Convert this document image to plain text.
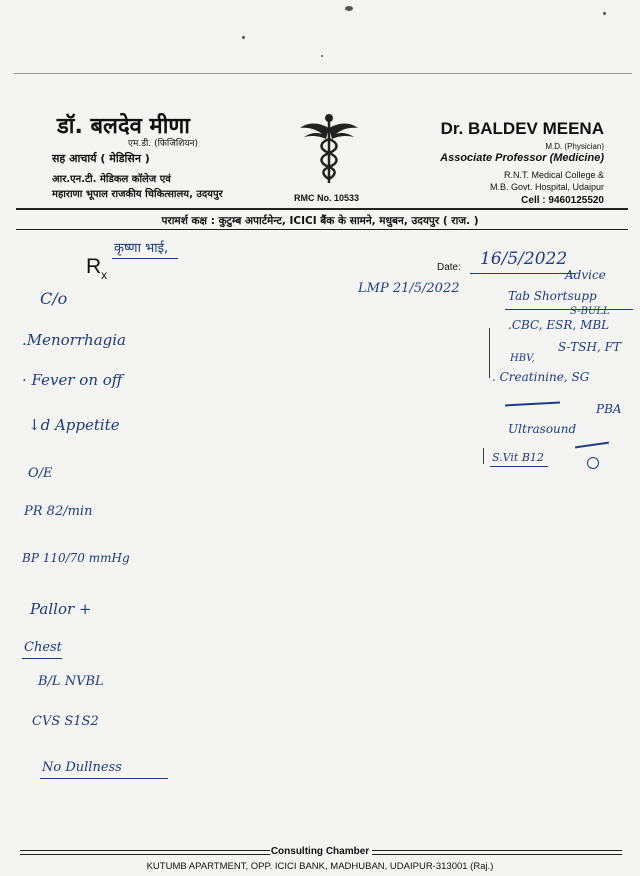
डॉ. बलदेव मीणा
एम.डी. (फिजिशियन)
सह आचार्य ( मेडिसिन )
आर.एन.टी. मेडिकल कॉलेज एवं
महाराणा भूपाल राजकीय चिकित्सालय, उदयपुर	RMC No. 10533
Dr. BALDEV MEENA
M.D. (Physician)
Associate Professor (Medicine)
R.N.T. Medical College &
M.B. Govt. Hospital, Udaipur
Cell : 9460125520
परामर्श कक्ष : कुटुम्ब अपार्टमेन्ट, ICICI बैंक के सामने, मधुबन, उदयपुर ( राज. )
$R_x$
Date:
कृष्णा भाई,
16/5/2022
LMP 21/5/2022
C/o
.Menorrhagia
· Fever on off
↓d Appetite
O/E
PR 82/min
BP 110/70 mmHg
Pallor +
Chest
B/L NVBL
CVS S1S2
No Dullness
Advice
Tab Shortsupp
S-BULL
.CBC, ESR, MBL
S-TSH, FT
HBV,
. Creatinine, SG
PBA
Ultrasound
S.Vit B12
Consulting Chamber
KUTUMB APARTMENT, OPP. ICICI BANK, MADHUBAN, UDAIPUR-313001 (Raj.)
